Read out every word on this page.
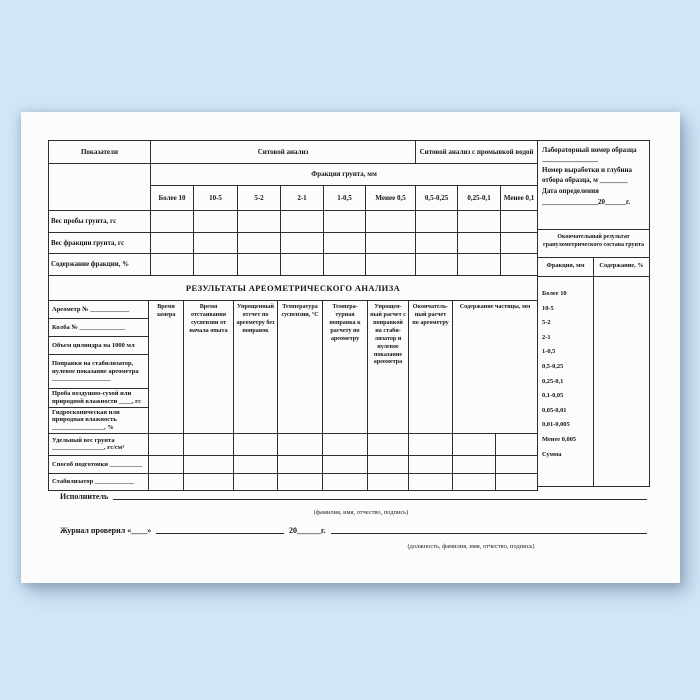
Показатели	Ситовой анализ						Ситовой анализ с промывкой водой		
	Фракция грунта, мм								
	Более 10	10-5	5-2	2-1	1-0,5	Менее 0,5	0,5-0,25	0,25-0,1	Менее 0,1
Вес пробы грунта, гс									
Вес фракции грунта, гс									
Содержание фракции, %									
РЕЗУЛЬТАТЫ АРЕОМЕТРИЧЕСКОГО АНАЛИЗА									
Ареометр № ____________	Время замера	Время отстаивания суспензии от начала опыта	Упрощенный отсчет по ареометру без поправок	Температура суспензии, °С	Темпера-турная поправка к расчету по ареометру	Упрощен-ный расчет с поправкой на стаби-лизатор и нулевое показание ареометра	Окончатель-ный расчет по ареометру	Содержание частицы, мм	
Колба № ______________									
Объем цилиндра на 1000 мл									
Поправки на стабилизатор, нулевое показание ареометра __________________									
Проба воздушно-сухой или природной влажности ____, гс									
Гидроскопическая или природная влажность ________________, %									
Удельный вес грунта ________________, гс/см³									
Способ подготовки __________									
Стабилизатор ____________									
Лабораторный номер образца ________________
Номер выработки и глубина отбора образца, м ________
Дата определения
________________20______г.
Окончательный результат гранулометрического состава грунта
Фракция, мм	Содержание, %
Более 10
10-5
5-2
2-1
1-0,5
0,5-0,25
0,25-0,1
0,1-0,05
0,05-0,01
0,01-0,005
Менее 0,005
Сумма
Исполнитель
(фамилия, имя, отчество, подпись)
Журнал проверил «____»	20______г.
(должность, фамилия, имя, отчество, подпись)
